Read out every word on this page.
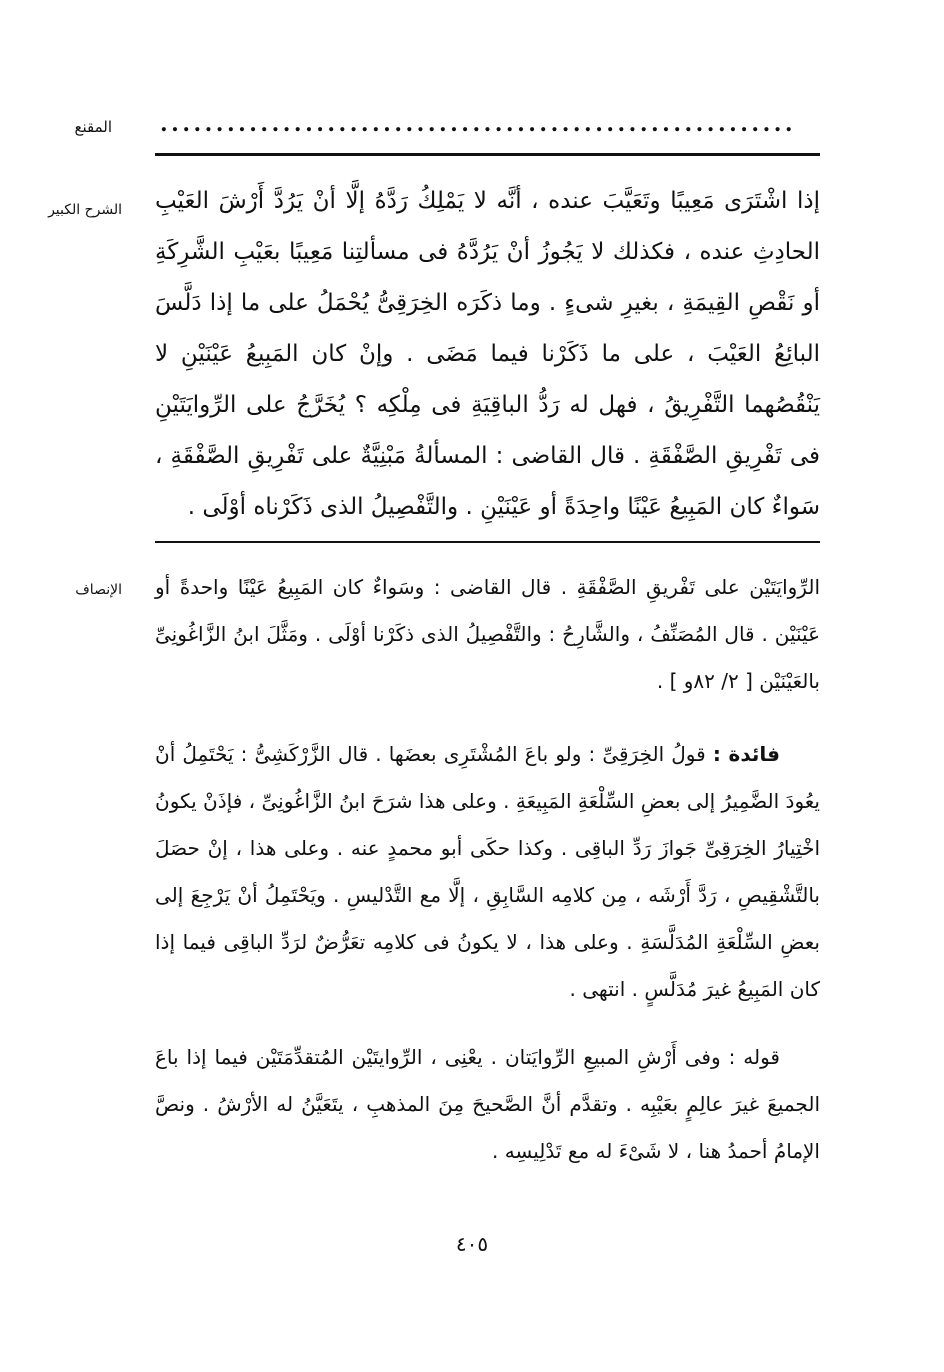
المقنع .........................................................
الشرح الكبير إذا اشْتَرَى مَعِيبًا وتَعَيَّبَ عنده ، أنَّه لا يَمْلِكُ رَدَّهُ إلَّا أنْ يَرُدَّ أَرْشَ العَيْبِ الحادِثِ عنده ، فكذلك لا يَجُوزُ أنْ يَرُدَّهُ فى مسألتِنا مَعِيبًا بعَيْبِ الشَّرِكَةِ أو نَقْصِ القِيمَةِ ، بغيرِ شىءٍ . وما ذكَرَه الخِرَقِىُّ يُحْمَلُ على ما إذا دَلَّسَ البائِعُ العَيْبَ ، على ما ذَكَرْنا فيما مَضَى . وإنْ كان المَبِيعُ عَيْنَيْنِ لا يَنْقُصُهما التَّفْرِيقُ ، فهل له رَدُّ الباقِيَةِ فى مِلْكِه ؟ يُخَرَّجُ على الرِّوايَتَيْنِ فى تَفْرِيقِ الصَّفْقَةِ . قال القاضى : المسألةُ مَبْنِيَّةٌ على تَفْرِيقِ الصَّفْقَةِ ، سَواءٌ كان المَبِيعُ عَيْنًا واحِدَةً أو عَيْنَيْنِ . والتَّفْصِيلُ الذى ذَكَرْناه أوْلَى .

الإنصاف الرِّوايَتَيْن على تَفْريقِ الصَّفْقَةِ . قال القاضى : وسَواءٌ كان المَبِيعُ عَيْنًا واحدةً أو عَيْنَيْن . قال المُصَنِّفُ ، والشَّارِحُ : والتَّفْصِيلُ الذى ذكَرْنا أوْلَى . ومَثَّلَ ابنُ الزَّاغُونِىِّ بالعَيْنَيْن [ ٢/ ٨٢و ] .

فائدة : قولُ الخِرَقِىِّ : ولو باعَ المُشْتَرِى بعضَها . قال الزَّرْكَشِىُّ : يَحْتَمِلُ أنْ يعُودَ الضَّمِيرُ إلى بعضِ السِّلْعَةِ المَبِيعَةِ . وعلى هذا شرَحَ ابنُ الزَّاغُونِىِّ ، فإذَنْ يكونُ اخْتِيارُ الخِرَقِىِّ جَوازَ رَدِّ الباقِى . وكذا حكَى أبو محمدٍ عنه . وعلى هذا ، إنْ حصَلَ بالتَّشْقِيصِ ، رَدَّ أَرْشَه ، مِن كلامِه السَّابِقِ ، إلَّا مع التَّدْليسِ . ويَحْتَمِلُ أنْ يَرْجِعَ إلى بعضِ السِّلْعَةِ المُدَلَّسَةِ . وعلى هذا ، لا يكونُ فى كلامِه تعَرُّضٌ لرَدِّ الباقِى فيما إذا كان المَبِيعُ غيرَ مُدَلَّسٍ . انتهى .

قوله : وفى أَرْشِ المبيعِ الرِّوايَتان . يعْنِى ، الرِّوايتَيْن المُتقدِّمَتَيْن فيما إذا باعَ الجميعَ غيرَ عالِمٍ بعَيْبِه . وتقدَّم أنَّ الصَّحيحَ مِنَ المذهبِ ، يتَعَيَّنُ له الأرْشُ . ونصَّ الإمامُ أحمدُ هنا ، لا شَىْءَ له مع تَدْلِيسِه .

٤٠٥
